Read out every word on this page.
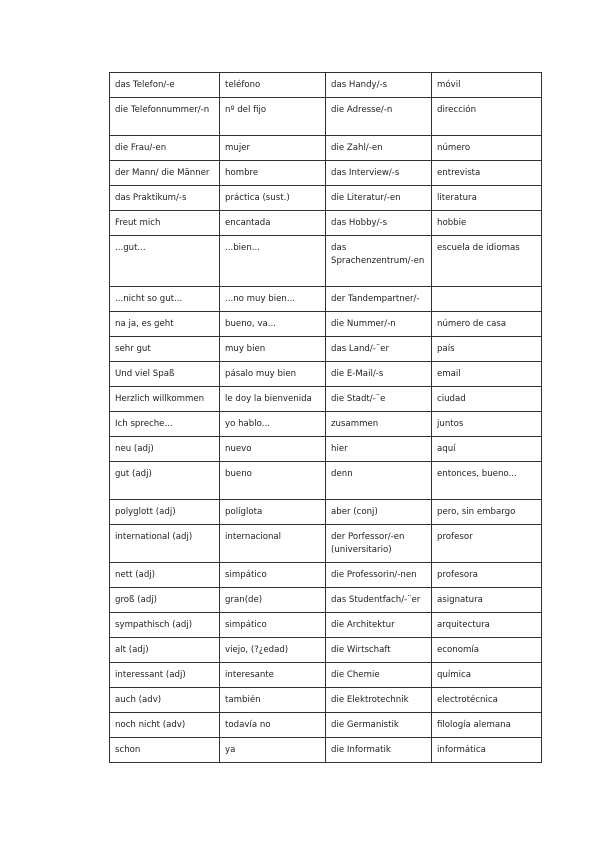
das Telefon/-e	teléfono	das Handy/-s	móvil
die Telefonnummer/-n	nº del fijo	die Adresse/-n	dirección
die Frau/-en	mujer	die Zahl/-en	número
der Mann/ die Männer	hombre	das Interview/-s	entrevista
das Praktikum/-s	práctica (sust.)	die Literatur/-en	literatura
Freut mich	encantada	das Hobby/-s	hobbie
...gut...	...bien...	das Sprachenzentrum/-en	escuela de idiomas
...nicht so gut...	...no muy bien...	der Tandempartner/-	
na ja, es geht	bueno, va...	die Nummer/-n	número de casa
sehr gut	muy bien	das Land/-¨er	país
Und viel Spaß	pásalo muy bien	die E-Mail/-s	email
Herzlich willkommen	le doy la bienvenida	die Stadt/-¨e	ciudad
Ich spreche...	yo hablo...	zusammen	juntos
neu (adj)	nuevo	hier	aquí
gut (adj)	bueno	denn	entonces, bueno...
polyglott (adj)	políglota	aber (conj)	pero, sin embargo
international (adj)	internacional	der Porfessor/-en (universitario)	profesor
nett (adj)	simpático	die Professorin/-nen	profesora
groß (adj)	gran(de)	das Studentfach/-¨er	asignatura
sympathisch (adj)	simpático	die Architektur	arquitectura
alt (adj)	viejo, (?¿edad)	die Wirtschaft	economía
interessant (adj)	interesante	die Chemie	química
auch (adv)	también	die Elektrotechnik	electrotécnica
noch nicht (adv)	todavía no	die Germanistik	filología alemana
schon	ya	die Informatik	informática
